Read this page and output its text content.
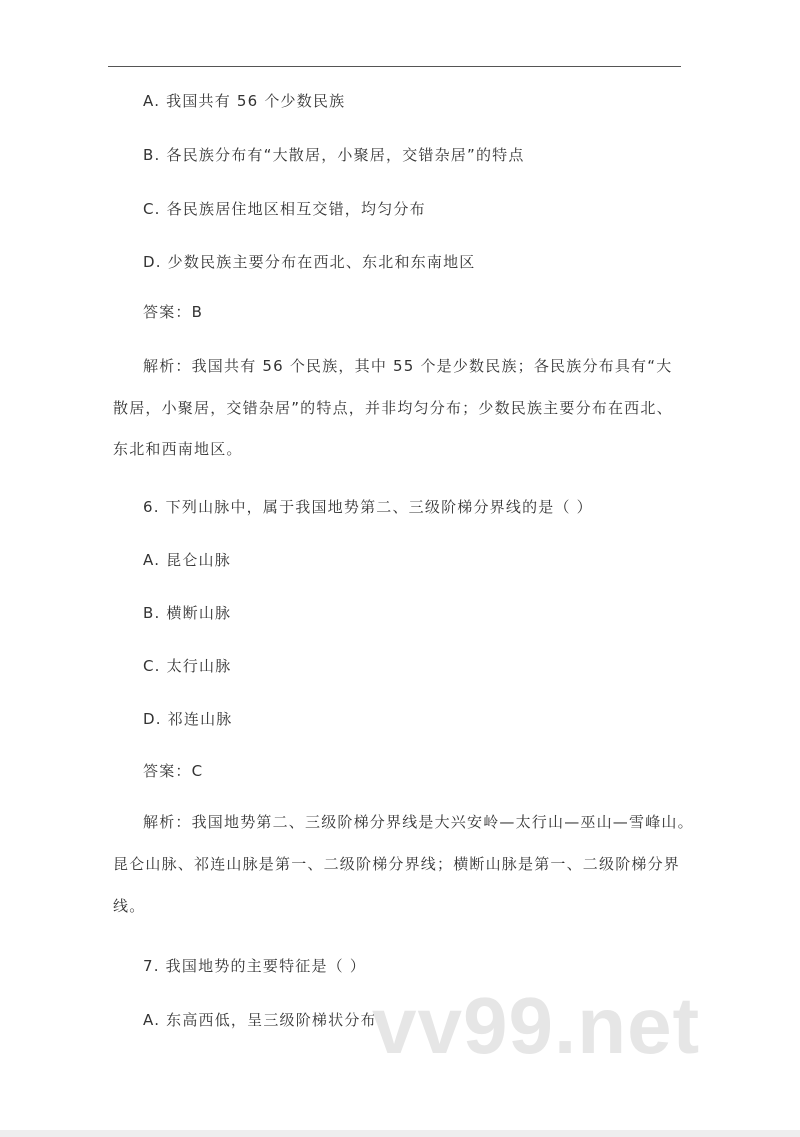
A. 我国共有 56 个少数民族
B. 各民族分布有“大散居，小聚居，交错杂居”的特点
C. 各民族居住地区相互交错，均匀分布
D. 少数民族主要分布在西北、东北和东南地区
答案：B
解析：我国共有 56 个民族，其中 55 个是少数民族；各民族分布具有“大
散居，小聚居，交错杂居”的特点，并非均匀分布；少数民族主要分布在西北、
东北和西南地区。
6. 下列山脉中，属于我国地势第二、三级阶梯分界线的是（ ）
A. 昆仑山脉
B. 横断山脉
C. 太行山脉
D. 祁连山脉
答案：C
解析：我国地势第二、三级阶梯分界线是大兴安岭—太行山—巫山—雪峰山。
昆仑山脉、祁连山脉是第一、二级阶梯分界线；横断山脉是第一、二级阶梯分界
线。
7. 我国地势的主要特征是（ ）
A. 东高西低，呈三级阶梯状分布
vv99.net
